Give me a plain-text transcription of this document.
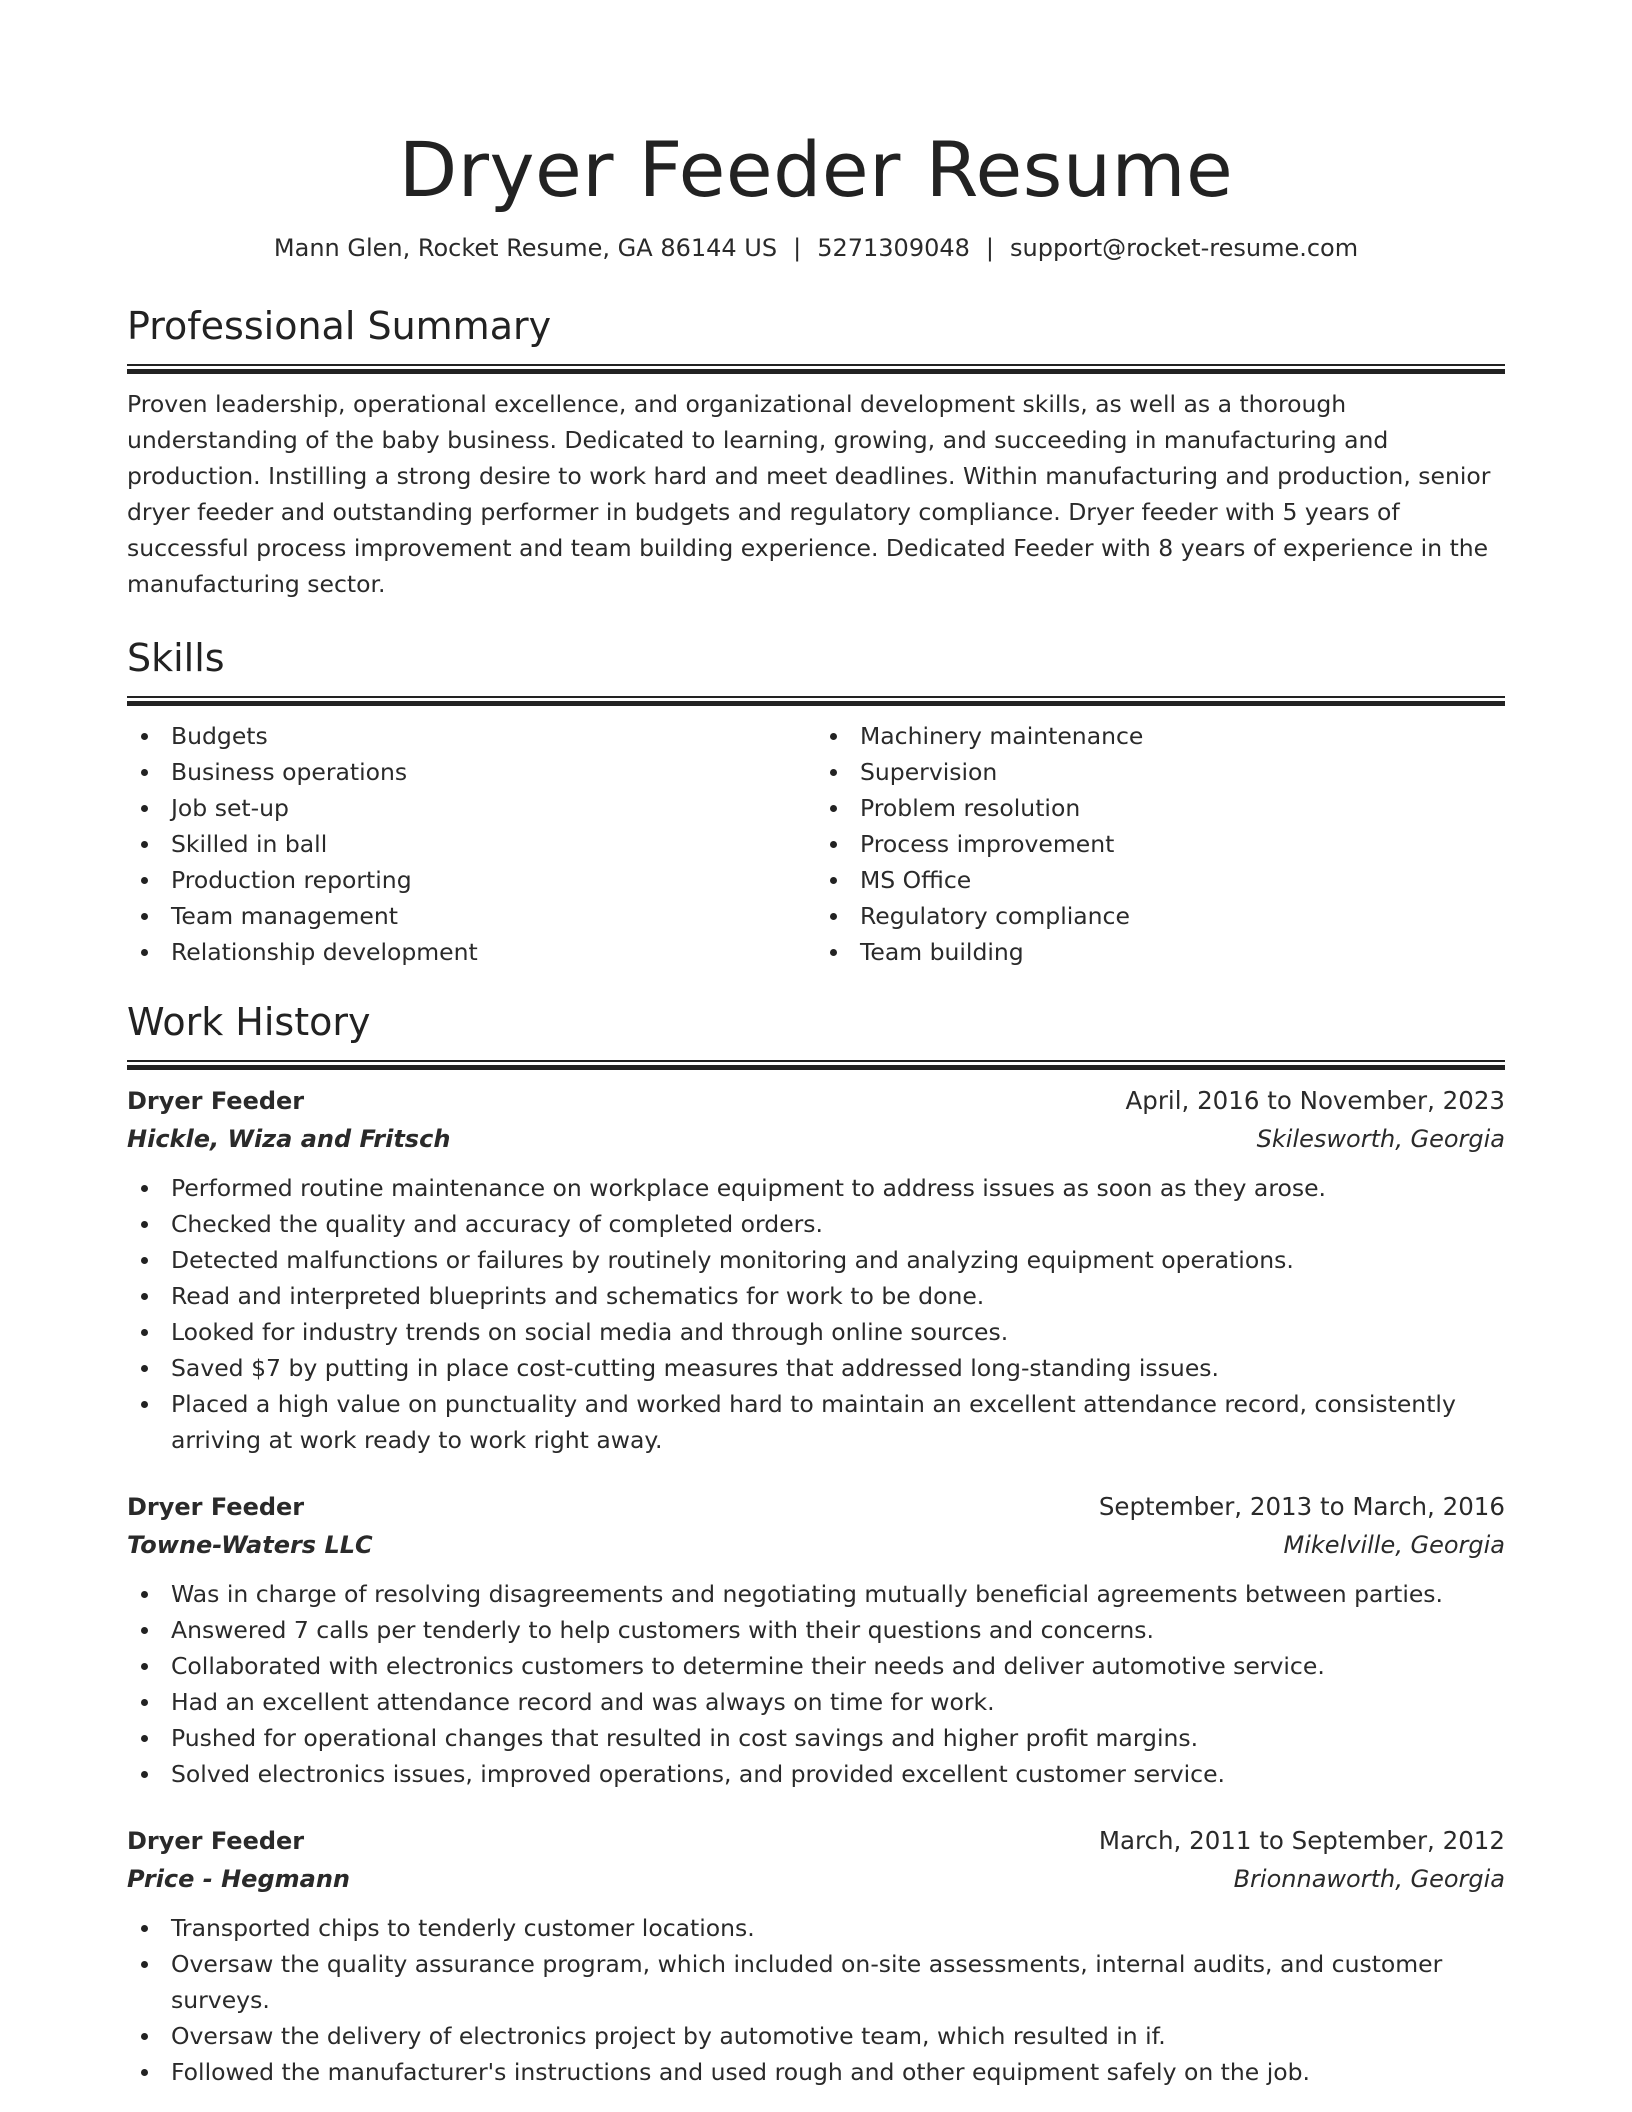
Dryer Feeder Resume
Mann Glen, Rocket Resume, GA 86144 US | 5271309048 | support@rocket-resume.com
Professional Summary

Proven leadership, operational excellence, and organizational development skills, as well as a thorough understanding of the baby business. Dedicated to learning, growing, and succeeding in manufacturing and production. Instilling a strong desire to work hard and meet deadlines. Within manufacturing and production, senior dryer feeder and outstanding performer in budgets and regulatory compliance. Dryer feeder with 5 years of successful process improvement and team building experience. Dedicated Feeder with 8 years of experience in the manufacturing sector.

Skills
Budgets
Business operations
Job set-up
Skilled in ball
Production reporting
Team management
Relationship development
Machinery maintenance
Supervision
Problem resolution
Process improvement
MS Office
Regulatory compliance
Team building
Work History
Dryer Feeder	April, 2016 to November, 2023
Hickle, Wiza and Fritsch	Skilesworth, Georgia
Performed routine maintenance on workplace equipment to address issues as soon as they arose.
Checked the quality and accuracy of completed orders.
Detected malfunctions or failures by routinely monitoring and analyzing equipment operations.
Read and interpreted blueprints and schematics for work to be done.
Looked for industry trends on social media and through online sources.
Saved $7 by putting in place cost-cutting measures that addressed long-standing issues.
Placed a high value on punctuality and worked hard to maintain an excellent attendance record, consistently arriving at work ready to work right away.
Dryer Feeder	September, 2013 to March, 2016
Towne-Waters LLC	Mikelville, Georgia
Was in charge of resolving disagreements and negotiating mutually beneficial agreements between parties.
Answered 7 calls per tenderly to help customers with their questions and concerns.
Collaborated with electronics customers to determine their needs and deliver automotive service.
Had an excellent attendance record and was always on time for work.
Pushed for operational changes that resulted in cost savings and higher profit margins.
Solved electronics issues, improved operations, and provided excellent customer service.
Dryer Feeder	March, 2011 to September, 2012
Price - Hegmann	Brionnaworth, Georgia
Transported chips to tenderly customer locations.
Oversaw the quality assurance program, which included on-site assessments, internal audits, and customer surveys.
Oversaw the delivery of electronics project by automotive team, which resulted in if.
Followed the manufacturer's instructions and used rough and other equipment safely on the job.
